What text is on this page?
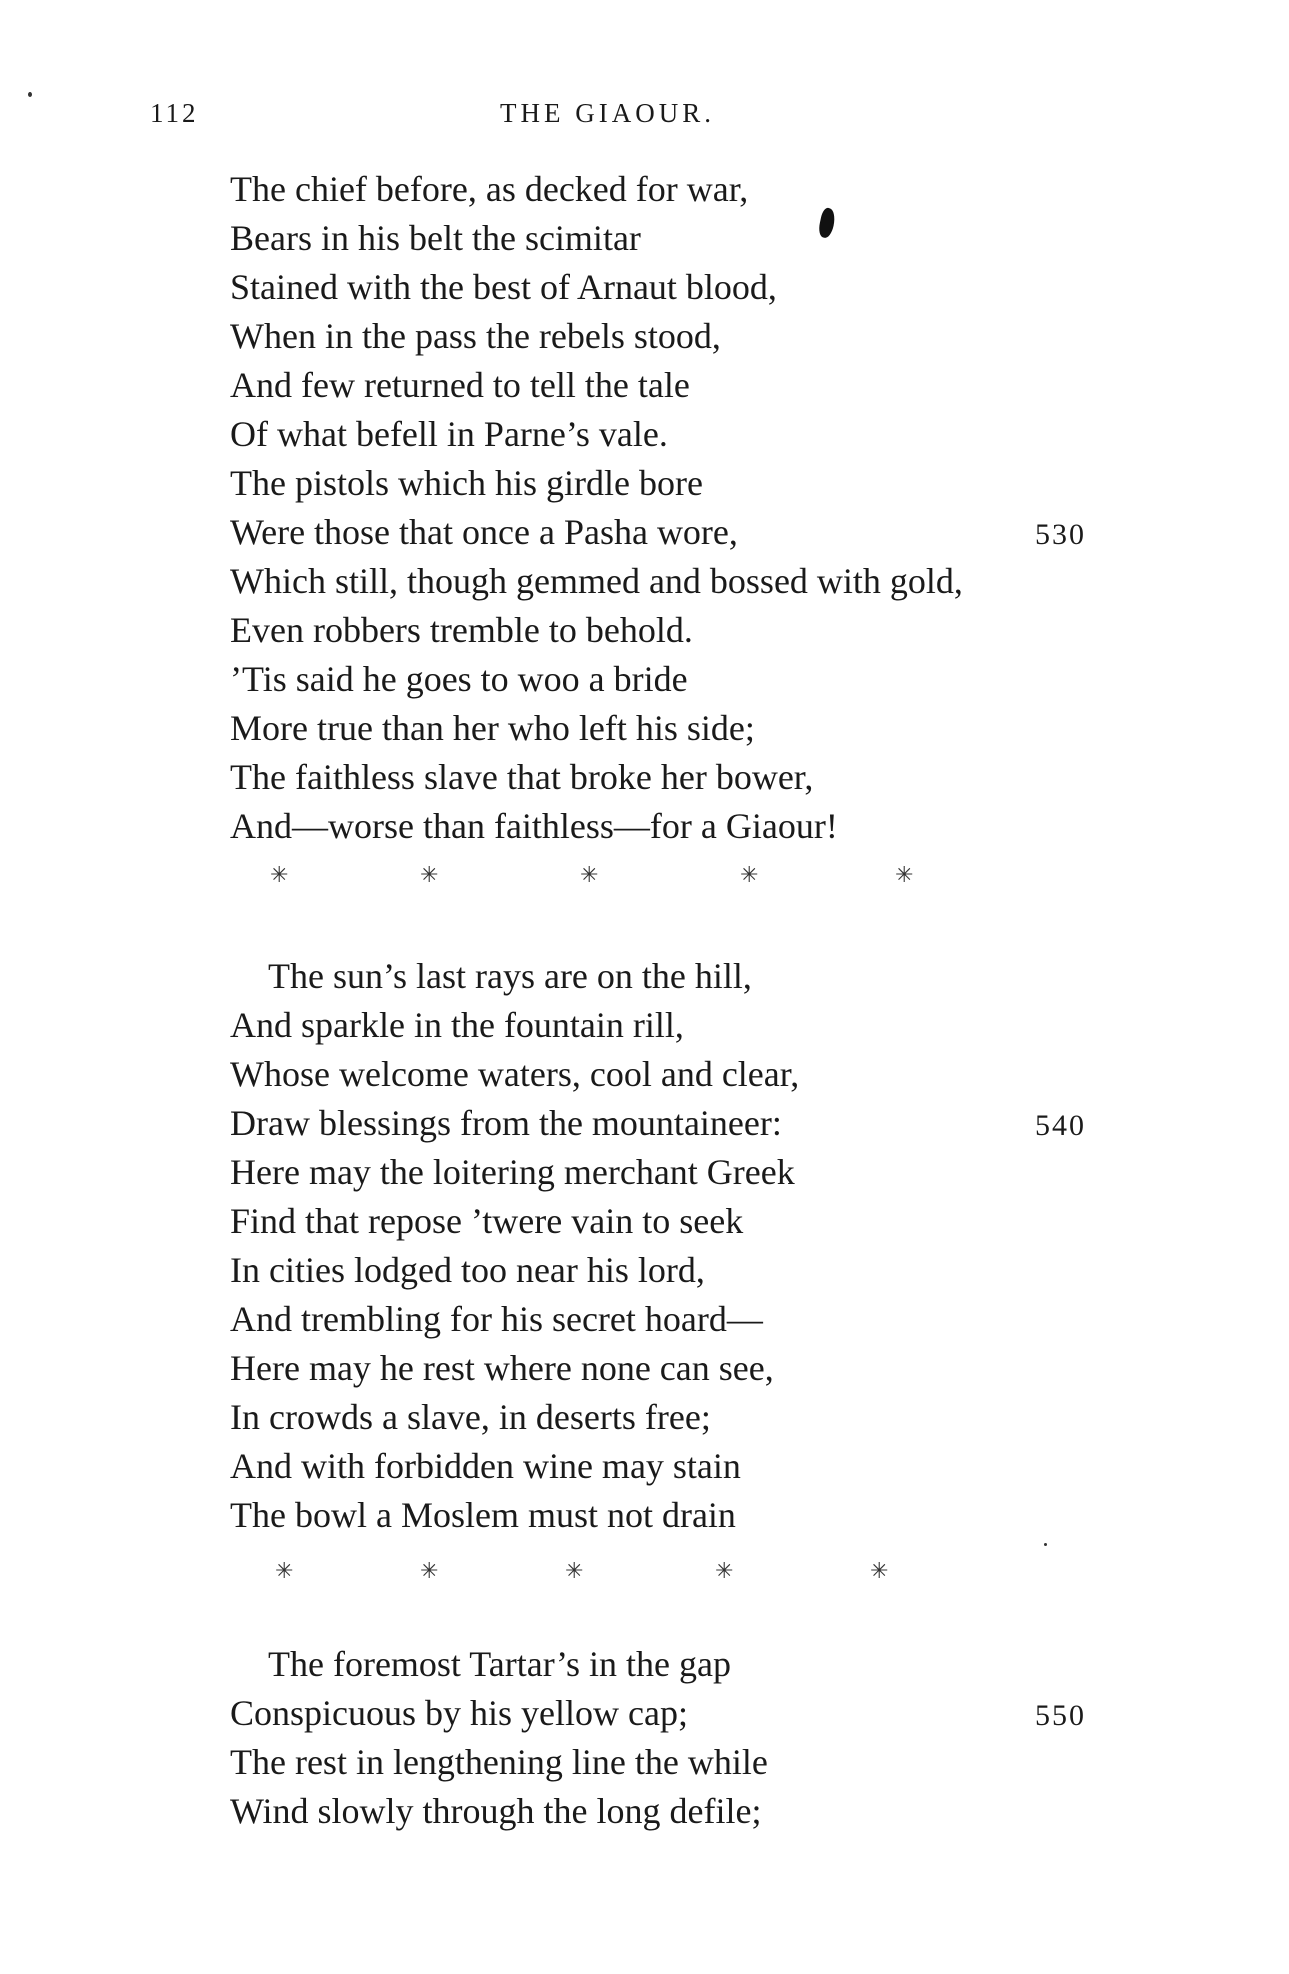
112	THE GIAOUR.
The chief before, as decked for war,
Bears in his belt the scimitar
Stained with the best of Arnaut blood,
When in the pass the rebels stood,
And few returned to tell the tale
Of what befell in Parne’s vale.
The pistols which his girdle bore
Were those that once a Pasha wore,	530
Which still, though gemmed and bossed with gold,
Even robbers tremble to behold.
’Tis said he goes to woo a bride
More true than her who left his side;
The faithless slave that broke her bower,
And—worse than faithless—for a Giaour!
✳	✳	✳	✳	✳
The sun’s last rays are on the hill,
And sparkle in the fountain rill,
Whose welcome waters, cool and clear,
Draw blessings from the mountaineer:	540
Here may the loitering merchant Greek
Find that repose ’twere vain to seek
In cities lodged too near his lord,
And trembling for his secret hoard—
Here may he rest where none can see,
In crowds a slave, in deserts free;
And with forbidden wine may stain
The bowl a Moslem must not drain
✳	✳	✳	✳	✳
The foremost Tartar’s in the gap
Conspicuous by his yellow cap;	550
The rest in lengthening line the while
Wind slowly through the long defile;
